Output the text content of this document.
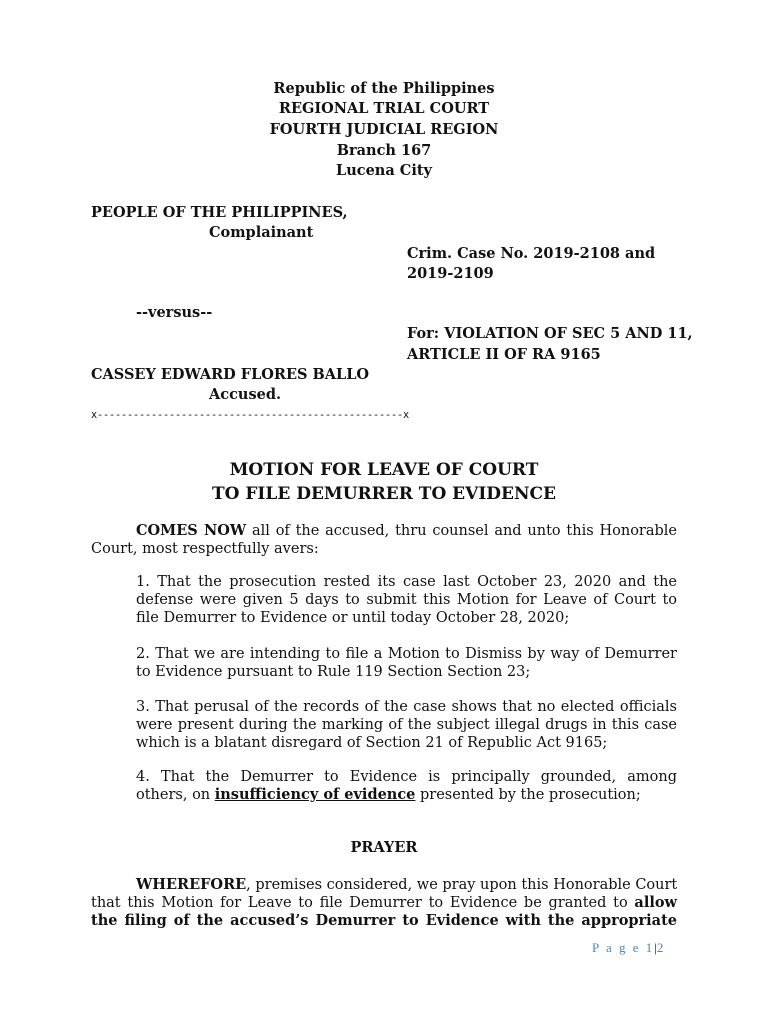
Republic of the Philippines
REGIONAL TRIAL COURT
FOURTH JUDICIAL REGION
Branch 167
Lucena City
PEOPLE OF THE PHILIPPINES,
Complainant
--versus--
CASSEY EDWARD FLORES BALLO
Accused.
x---------------------------------------------------x
Crim. Case No. 2019-2108 and
2019-2109
For: VIOLATION OF SEC 5 AND 11,
ARTICLE II OF RA 9165
MOTION FOR LEAVE OF COURT
TO FILE DEMURRER TO EVIDENCE
COMES NOW all of the accused, thru counsel and unto this Honorable
Court, most respectfully avers:
1. That the prosecution rested its case last October 23, 2020 and the
defense were given 5 days to submit this Motion for Leave of Court to
file Demurrer to Evidence or until today October 28, 2020;
2. That we are intending to file a Motion to Dismiss by way of Demurrer
to Evidence pursuant to Rule 119 Section Section 23;
3. That perusal of the records of the case shows that no elected officials
were present during the marking of the subject illegal drugs in this case
which is a blatant disregard of Section 21 of Republic Act 9165;
4. That the Demurrer to Evidence is principally grounded, among
others, on insufficiency of evidence presented by the prosecution;
PRAYER
WHEREFORE, premises considered, we pray upon this Honorable Court
that this Motion for Leave to file Demurrer to Evidence be granted to allow
the filing of the accused’s Demurrer to Evidence with the appropriate
P a g e 1|2
